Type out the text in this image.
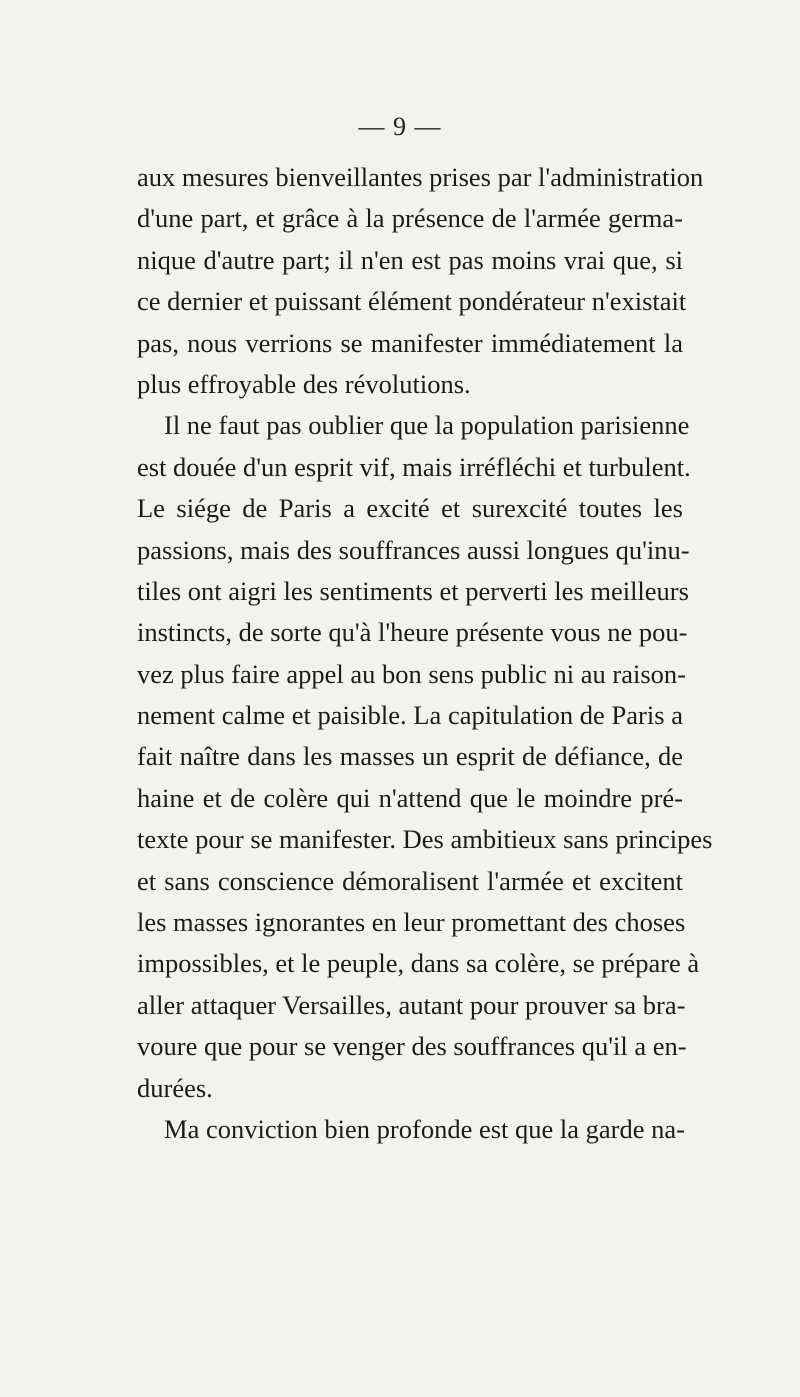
— 9 —
aux mesures bienveillantes prises par l'administration
d'une part, et grâce à la présence de l'armée germa-
nique d'autre part; il n'en est pas moins vrai que, si
ce dernier et puissant élément pondérateur n'existait
pas, nous verrions se manifester immédiatement la
plus effroyable des révolutions.
Il ne faut pas oublier que la population parisienne
est douée d'un esprit vif, mais irréfléchi et turbulent.
Le siége de Paris a excité et surexcité toutes les
passions, mais des souffrances aussi longues qu'inu-
tiles ont aigri les sentiments et perverti les meilleurs
instincts, de sorte qu'à l'heure présente vous ne pou-
vez plus faire appel au bon sens public ni au raison-
nement calme et paisible. La capitulation de Paris a
fait naître dans les masses un esprit de défiance, de
haine et de colère qui n'attend que le moindre pré-
texte pour se manifester. Des ambitieux sans principes
et sans conscience démoralisent l'armée et excitent
les masses ignorantes en leur promettant des choses
impossibles, et le peuple, dans sa colère, se prépare à
aller attaquer Versailles, autant pour prouver sa bra-
voure que pour se venger des souffrances qu'il a en-
durées.
Ma conviction bien profonde est que la garde na-
